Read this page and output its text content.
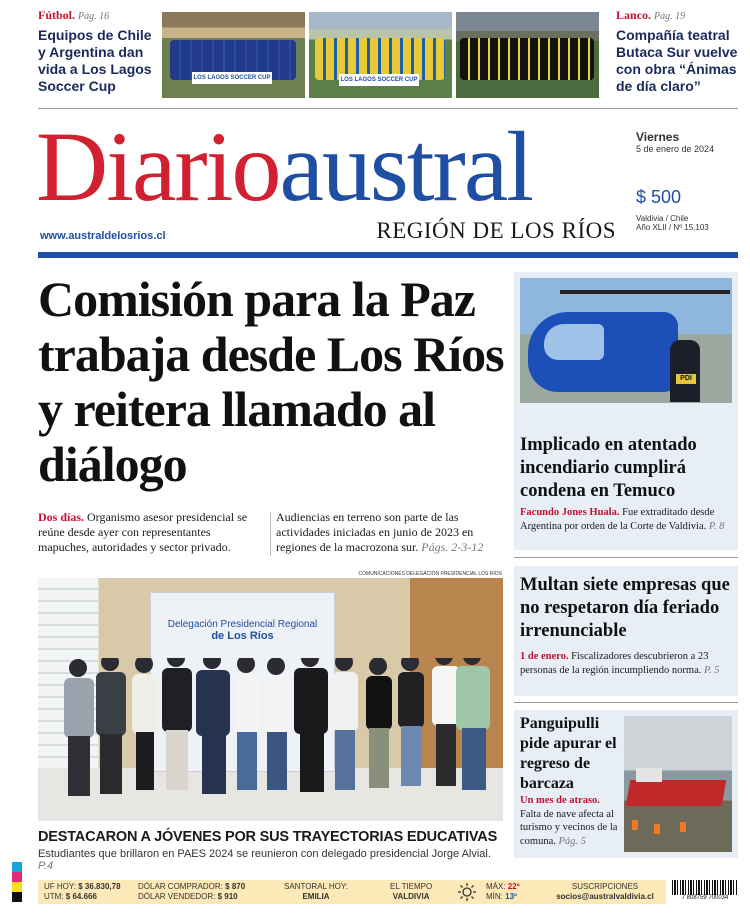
Fútbol. Pág. 16
Equipos de Chile y Argentina dan vida a Los Lagos Soccer Cup	LOS LAGOS SOCCER CUP	LOS LAGOS SOCCER CUP
Lanco. Pág. 19
Compañía teatral Butaca Sur vuelve con obra “Ánimas de día claro”
Diarioaustral
www.australdelosrios.cl	REGIÓN DE LOS RÍOS
Viernes
5 de enero de 2024
$ 500
Valdivia / Chile
Año XLII / Nº 15.103
Comisión para la Paz trabaja desde Los Ríos y reitera llamado al diálogo
Dos días. Organismo asesor presidencial se reúne desde ayer con representantes mapuches, autoridades y sector privado.
Audiencias en terreno son parte de las actividades iniciadas en junio de 2023 en regiones de la macrozona sur. Págs. 2-3-12
COMUNICACIONES DELEGACIÓN PRESIDENCIAL LOS RÍOS
Delegación Presidencial Regional
de Los Ríos
DESTACARON A JÓVENES POR SUS TRAYECTORIAS EDUCATIVAS
Estudiantes que brillaron en PAES 2024 se reunieron con delegado presidencial Jorge Alvial. P.4
PDI
Implicado en atentado incendiario cumplirá condena en Temuco
Facundo Jones Huala. Fue extraditado desde Argentina por orden de la Corte de Valdivia. P. 8
Multan siete empresas que no respetaron día feriado irrenunciable
1 de enero. Fiscalizadores descubrieron a 23 personas de la región incumpliendo norma. P. 5
Panguipulli pide apurar el regreso de barcaza
Un mes de atraso.
Falta de nave afecta al turismo y vecinos de la comuna. Pág. 5
UF HOY: $ 36.830,78
UTM: $ 64.666
DÓLAR COMPRADOR: $ 870
DÓLAR VENDEDOR: $ 910
SANTORAL HOY:
EMILIA
EL TIEMPO
VALDIVIA
MÁX: 22º
MÍN: 13º
SUSCRIPCIONES
socios@australvaldivia.cl	7 808759 700034
